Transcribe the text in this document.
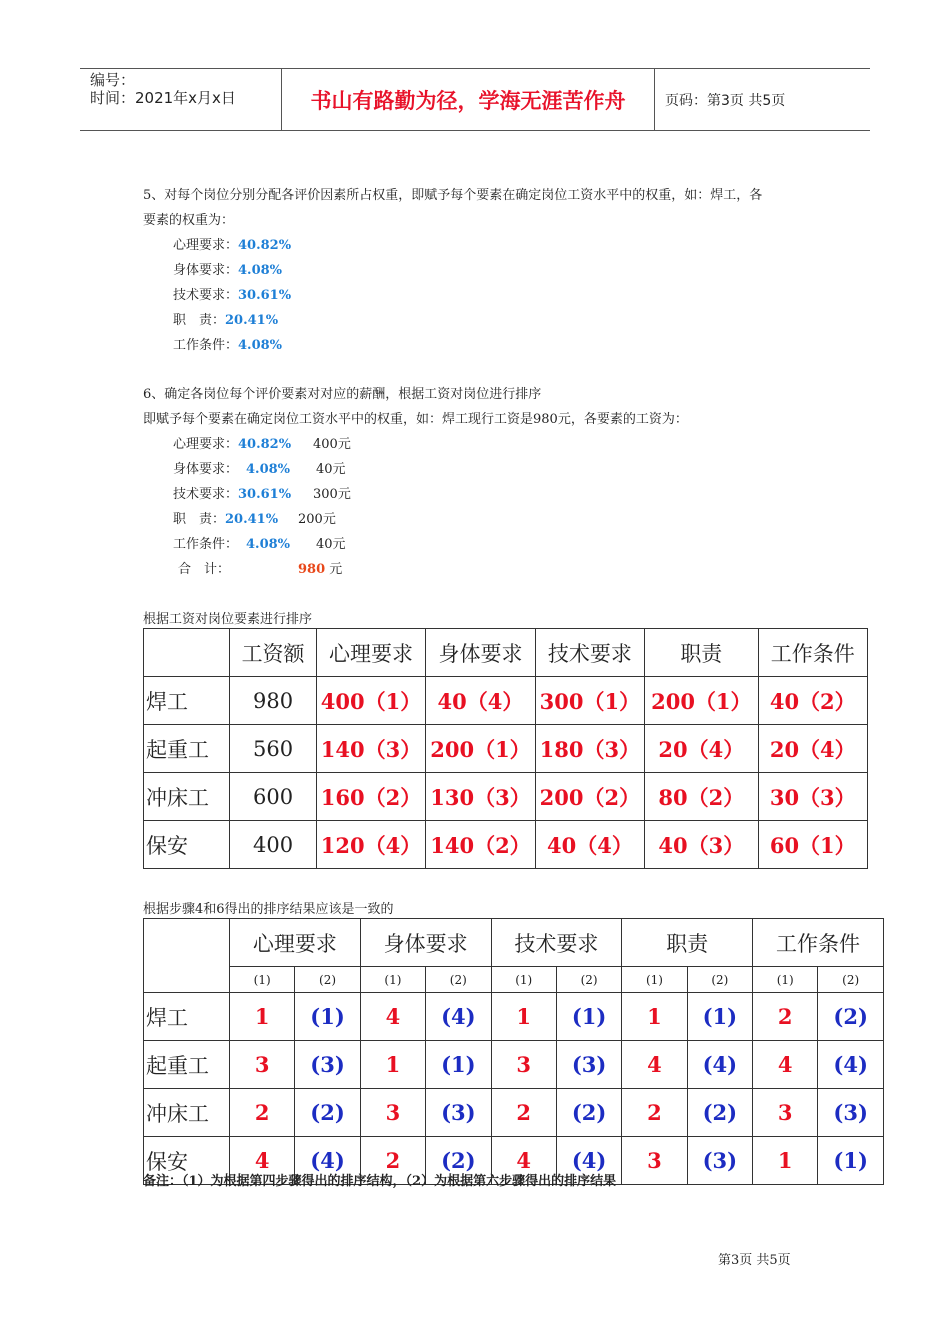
编号：
时间：2021年x月x日	书山有路勤为径，学海无涯苦作舟	页码：第3页 共5页
5、对每个岗位分别分配各评价因素所占权重，即赋予每个要素在确定岗位工资水平中的权重，如：焊工，各
要素的权重为：
心理要求：40.82%
身体要求：4.08%
技术要求：30.61%
职　责：20.41%
工作条件：4.08%
6、确定各岗位每个评价要素对对应的薪酬，根据工资对岗位进行排序
即赋予每个要素在确定岗位工资水平中的权重，如：焊工现行工资是980元，各要素的工资为：
心理要求：40.82% 400元
身体要求： 4.08% 40元
技术要求：30.61% 300元
职　责：20.41% 200元
工作条件： 4.08% 40元
合　计：	980 元
根据工资对岗位要素进行排序
	工资额	心理要求	身体要求	技术要求	职责	工作条件
焊工	980	400（1）	40（4）	300（1）	200（1）	40（2）
起重工	560	140（3）	200（1）	180（3）	20（4）	20（4）
冲床工	600	160（2）	130（3）	200（2）	80（2）	30（3）
保安	400	120（4）	140（2）	40（4）	40（3）	60（1）
根据步骤4和6得出的排序结果应该是一致的
	心理要求		身体要求		技术要求		职责		工作条件	
	(1)	(2)	(1)	(2)	(1)	(2)	(1)	(2)	(1)	(2)
焊工	1	(1)	4	(4)	1	(1)	1	(1)	2	(2)
起重工	3	(3)	1	(1)	3	(3)	4	(4)	4	(4)
冲床工	2	(2)	3	(3)	2	(2)	2	(2)	3	(3)
保安	4	(4)	2	(2)	4	(4)	3	(3)	1	(1)
备注：（1）为根据第四步骤得出的排序结构，（2）为根据第六步骤得出的排序结果
第3页 共5页
